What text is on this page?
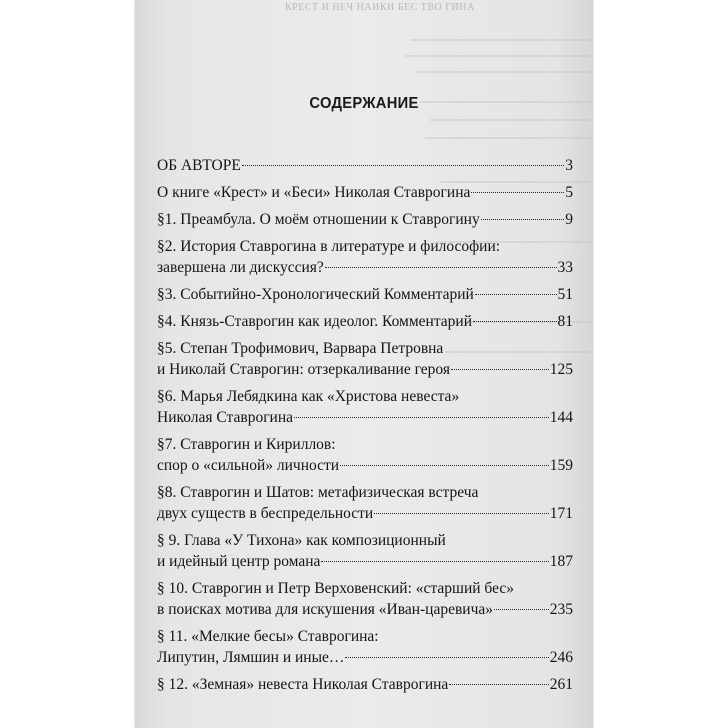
КРЕСТ И НЕЧ НАИКИ БЕС ТВО ГИНА
СОДЕРЖАНИЕ
ОБ АВТОРЕ	3
О книге «Крест» и «Беси» Николая Ставрогина	5
§1. Преамбула. О моём отношении к Ставрогину	9
§2. История Ставрогина в литературе и философии:
завершена ли дискуссия?	33
§3. Событийно-Хронологический Комментарий	51
§4. Князь-Ставрогин как идеолог. Комментарий	81
§5. Степан Трофимович, Варвара Петровна
и Николай Ставрогин: отзеркаливание героя	125
§6. Марья Лебядкина как «Христова невеста»
Николая Ставрогина	144
§7. Ставрогин и Кириллов:
спор о «сильной» личности	159
§8. Ставрогин и Шатов: метафизическая встреча
двух существ в беспредельности	171
§ 9. Глава «У Тихона» как композиционный
и идейный центр романа	187
§ 10. Ставрогин и Петр Верховенский: «старший бес»
в поисках мотива для искушения «Иван-царевича»	235
§ 11. «Мелкие бесы» Ставрогина:
Липутин, Лямшин и иные…	246
§ 12. «Земная» невеста Николая Ставрогина	261
